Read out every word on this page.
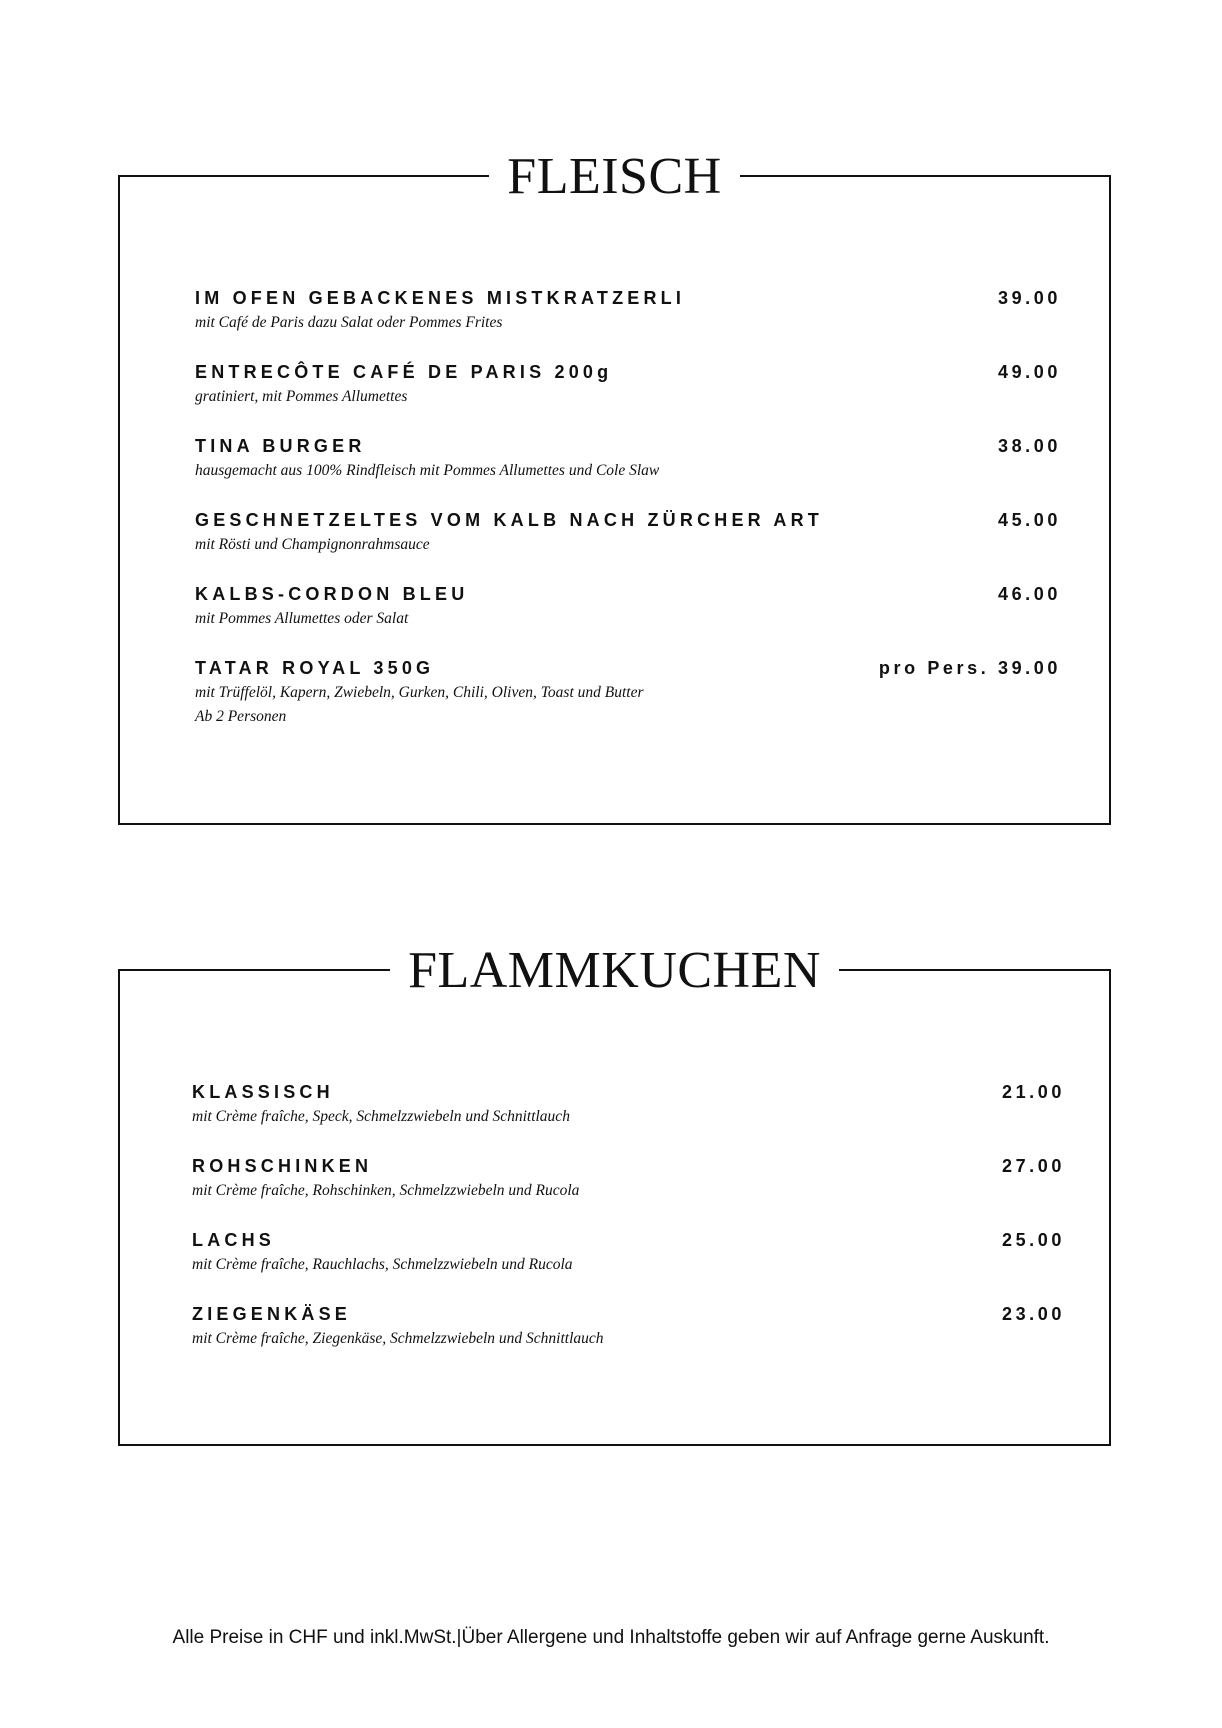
FLEISCH
IM OFEN GEBACKENES MISTKRATZERLI	39.00
mit Café de Paris dazu Salat oder Pommes Frites
ENTRECÔTE CAFÉ DE PARIS 200g	49.00
gratiniert, mit Pommes Allumettes
TINA BURGER	38.00
hausgemacht aus 100% Rindfleisch mit Pommes Allumettes und Cole Slaw
GESCHNETZELTES VOM KALB NACH ZÜRCHER ART	45.00
mit Rösti und Champignonrahmsauce
KALBS-CORDON BLEU	46.00
mit Pommes Allumettes oder Salat
TATAR ROYAL 350G	pro Pers. 39.00
mit Trüffelöl, Kapern, Zwiebeln, Gurken, Chili, Oliven, Toast und Butter
Ab 2 Personen
FLAMMKUCHEN
KLASSISCH	21.00
mit Crème fraîche, Speck, Schmelzzwiebeln und Schnittlauch
ROHSCHINKEN	27.00
mit Crème fraîche, Rohschinken, Schmelzzwiebeln und Rucola
LACHS	25.00
mit Crème fraîche, Rauchlachs, Schmelzzwiebeln und Rucola
ZIEGENKÄSE	23.00
mit Crème fraîche, Ziegenkäse, Schmelzzwiebeln und Schnittlauch
Alle Preise in CHF und inkl.MwSt.|Über Allergene und Inhaltstoffe geben wir auf Anfrage gerne Auskunft.
